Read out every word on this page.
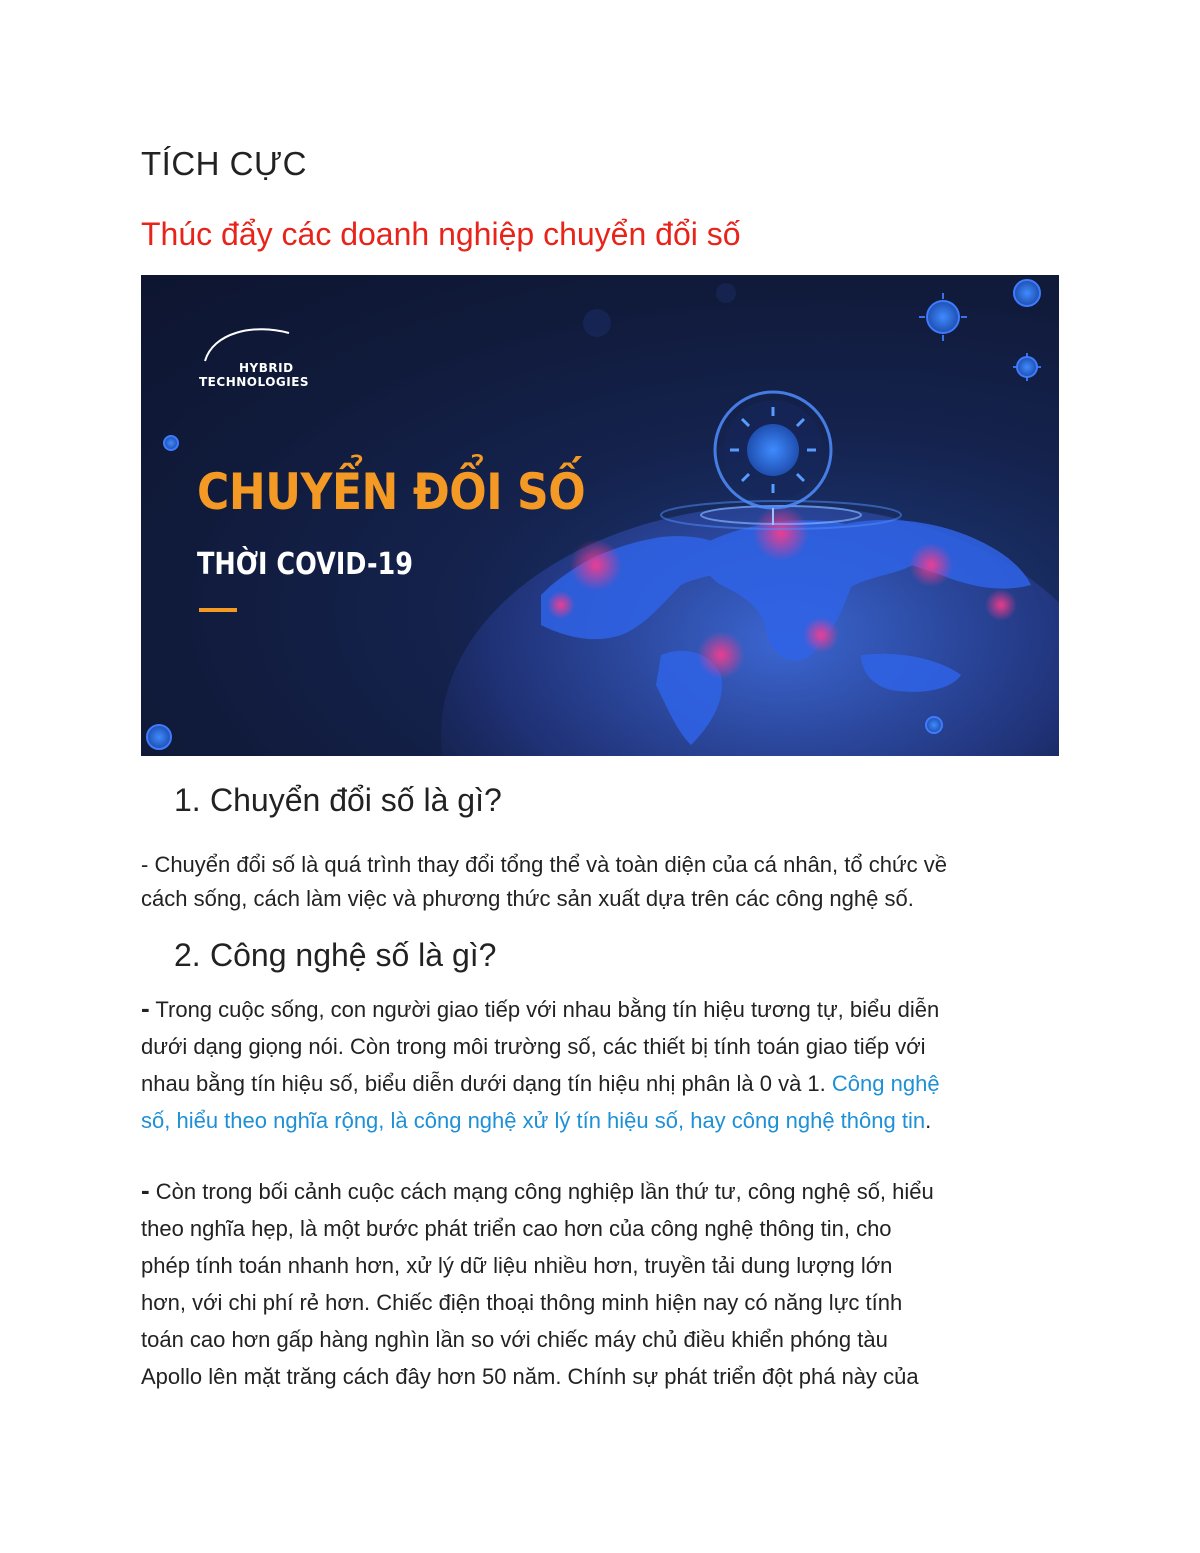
TÍCH CỰC
Thúc đẩy các doanh nghiệp chuyển đổi số
HYBRID
TECHNOLOGIES
CHUYỂN ĐỔI SỐ
THỜI COVID-19
1. Chuyển đổi số là gì?

- Chuyển đổi số là quá trình thay đổi tổng thể và toàn diện của cá nhân, tổ chức về

cách sống, cách làm việc và phương thức sản xuất dựa trên các công nghệ số.

2. Công nghệ số là gì?

- Trong cuộc sống, con người giao tiếp với nhau bằng tín hiệu tương tự, biểu diễn

dưới dạng giọng nói. Còn trong môi trường số, các thiết bị tính toán giao tiếp với

nhau bằng tín hiệu số, biểu diễn dưới dạng tín hiệu nhị phân là 0 và 1. Công nghệ

số, hiểu theo nghĩa rộng, là công nghệ xử lý tín hiệu số, hay công nghệ thông tin.

- Còn trong bối cảnh cuộc cách mạng công nghiệp lần thứ tư, công nghệ số, hiểu

theo nghĩa hẹp, là một bước phát triển cao hơn của công nghệ thông tin, cho

phép tính toán nhanh hơn, xử lý dữ liệu nhiều hơn, truyền tải dung lượng lớn

hơn, với chi phí rẻ hơn. Chiếc điện thoại thông minh hiện nay có năng lực tính

toán cao hơn gấp hàng nghìn lần so với chiếc máy chủ điều khiển phóng tàu

Apollo lên mặt trăng cách đây hơn 50 năm. Chính sự phát triển đột phá này của
